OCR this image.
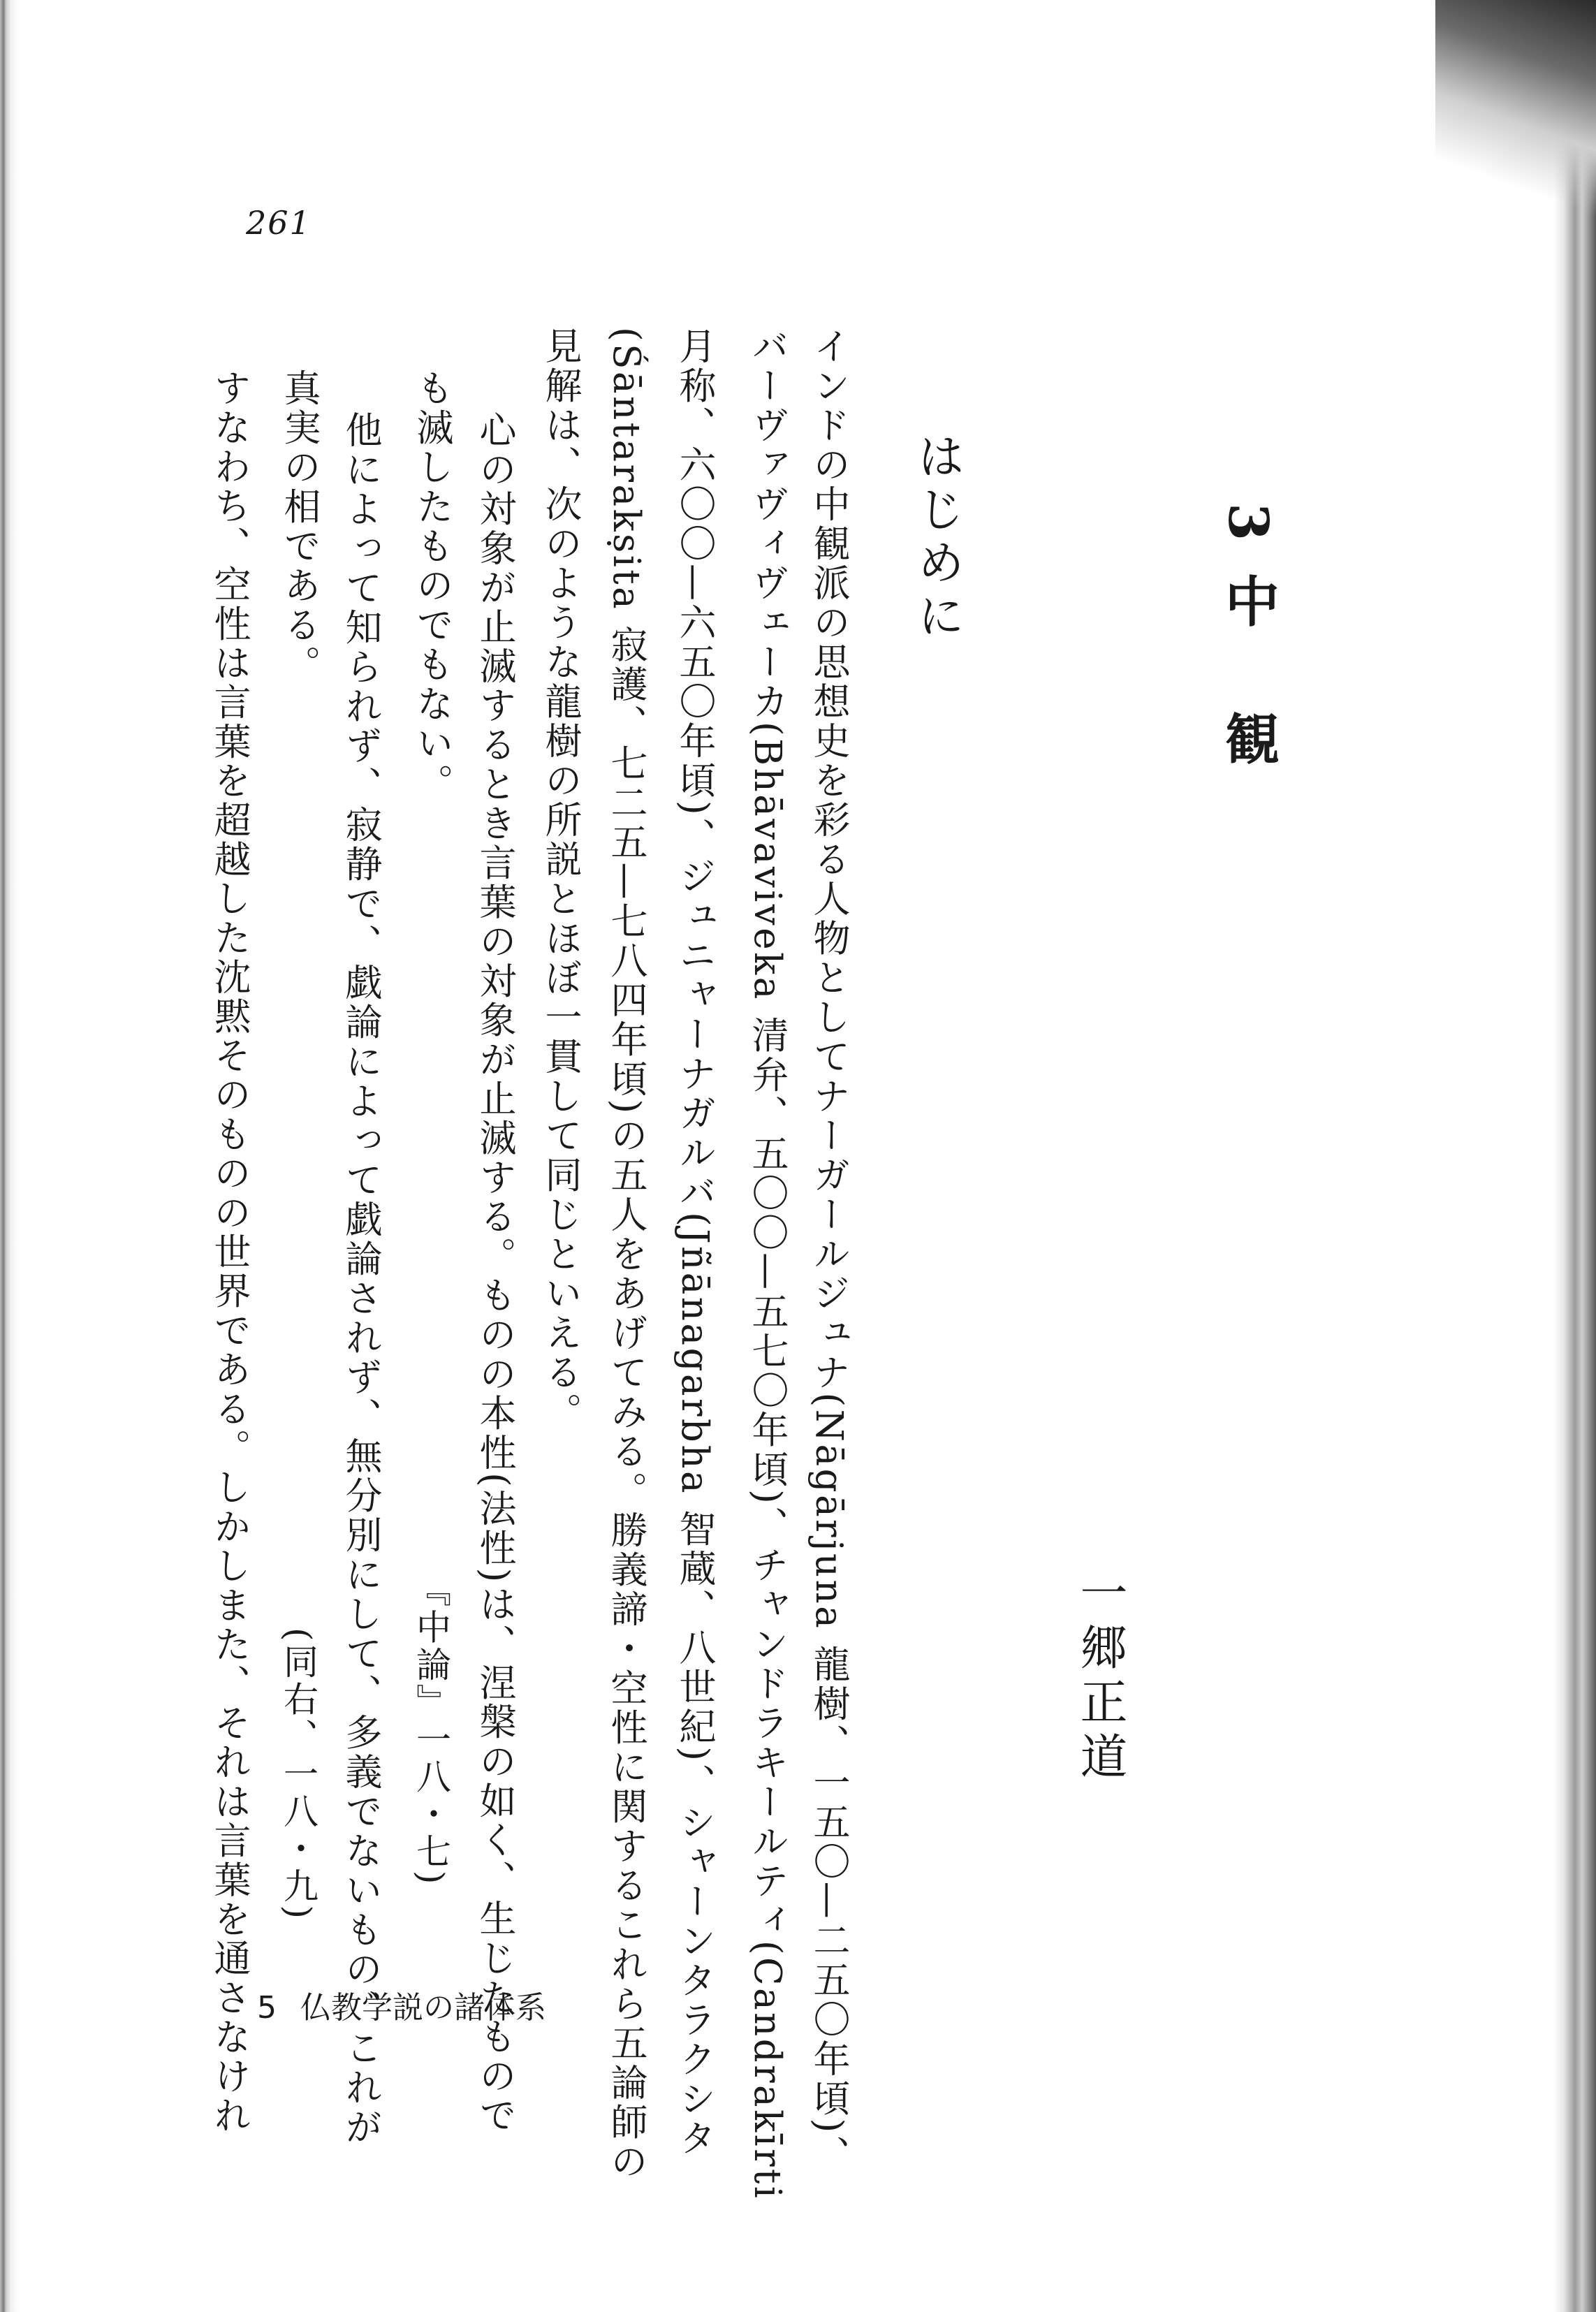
261
3中 観
一郷正道
はじめに
インドの中観派の思想史を彩る人物としてナーガールジュナ(Nāgārjuna 龍樹、一五〇—二五〇年頃)、
バーヴァヴィヴェーカ(Bhāvaviveka 清弁、五〇〇—五七〇年頃)、チャンドラキールティ(Candrakīrti
月称、六〇〇—六五〇年頃)、ジュニャーナガルバ(Jñānagarbha 智蔵、八世紀)、シャーンタラクシタ
(Śāntarakṣita 寂護、七二五—七八四年頃)の五人をあげてみる。勝義諦・空性に関するこれら五論師の
見解は、次のような龍樹の所説とほぼ一貫して同じといえる。
心の対象が止滅するとき言葉の対象が止滅する。ものの本性(法性)は、涅槃の如く、生じたもので
も滅したものでもない。
『中論』一八・七)
他によって知られず、寂静で、戯論によって戯論されず、無分別にして、多義でないもの、これが
真実の相である。
(同右、一八・九)
すなわち、空性は言葉を超越した沈黙そのものの世界である。しかしまた、それは言葉を通さなけれ 5 仏教学説の諸体系
